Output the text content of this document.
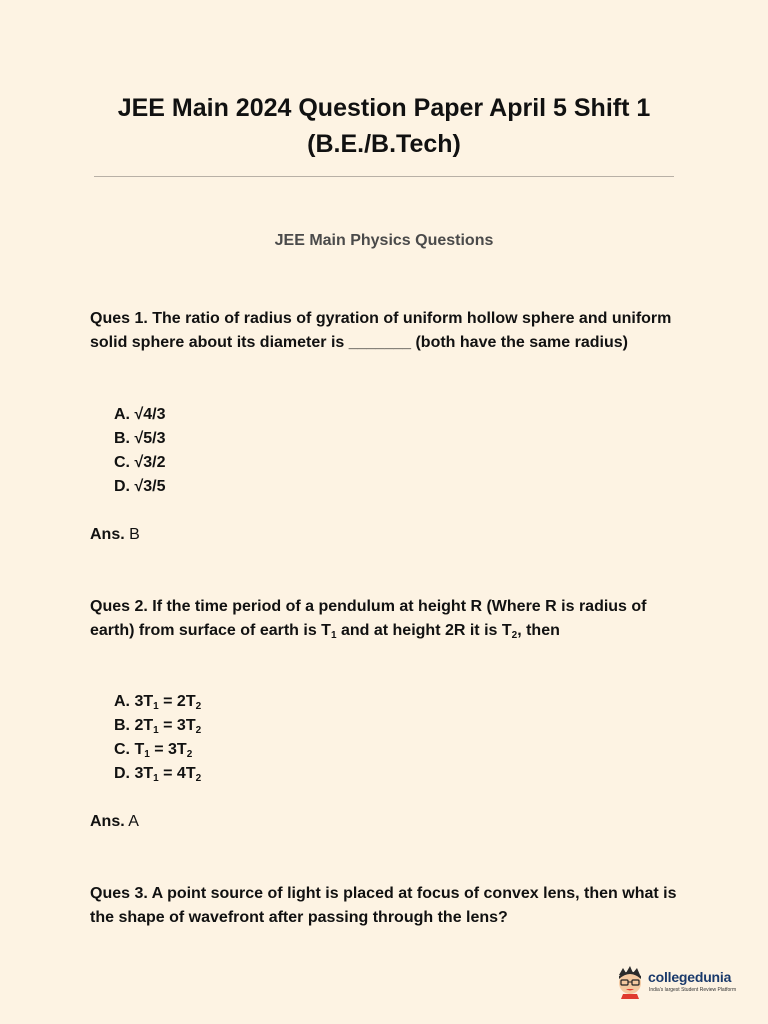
JEE Main 2024 Question Paper April 5 Shift 1
(B.E./B.Tech)
JEE Main Physics Questions
Ques 1. The ratio of radius of gyration of uniform hollow sphere and uniform solid sphere about its diameter is _______ (both have the same radius)
A. √4/3
B. √5/3
C. √3/2
D. √3/5
Ans. B
Ques 2. If the time period of a pendulum at height R (Where R is radius of earth) from surface of earth is $T_1$ and at height 2R it is $T_2$, then
A. $3T_1 = 2T_2$
B. $2T_1 = 3T_2$
C. $T_1 = 3T_2$
D. $3T_1 = 4T_2$
Ans. A
Ques 3. A point source of light is placed at focus of convex lens, then what is the shape of wavefront after passing through the lens?
collegedunia
India's largest Student Review Platform
